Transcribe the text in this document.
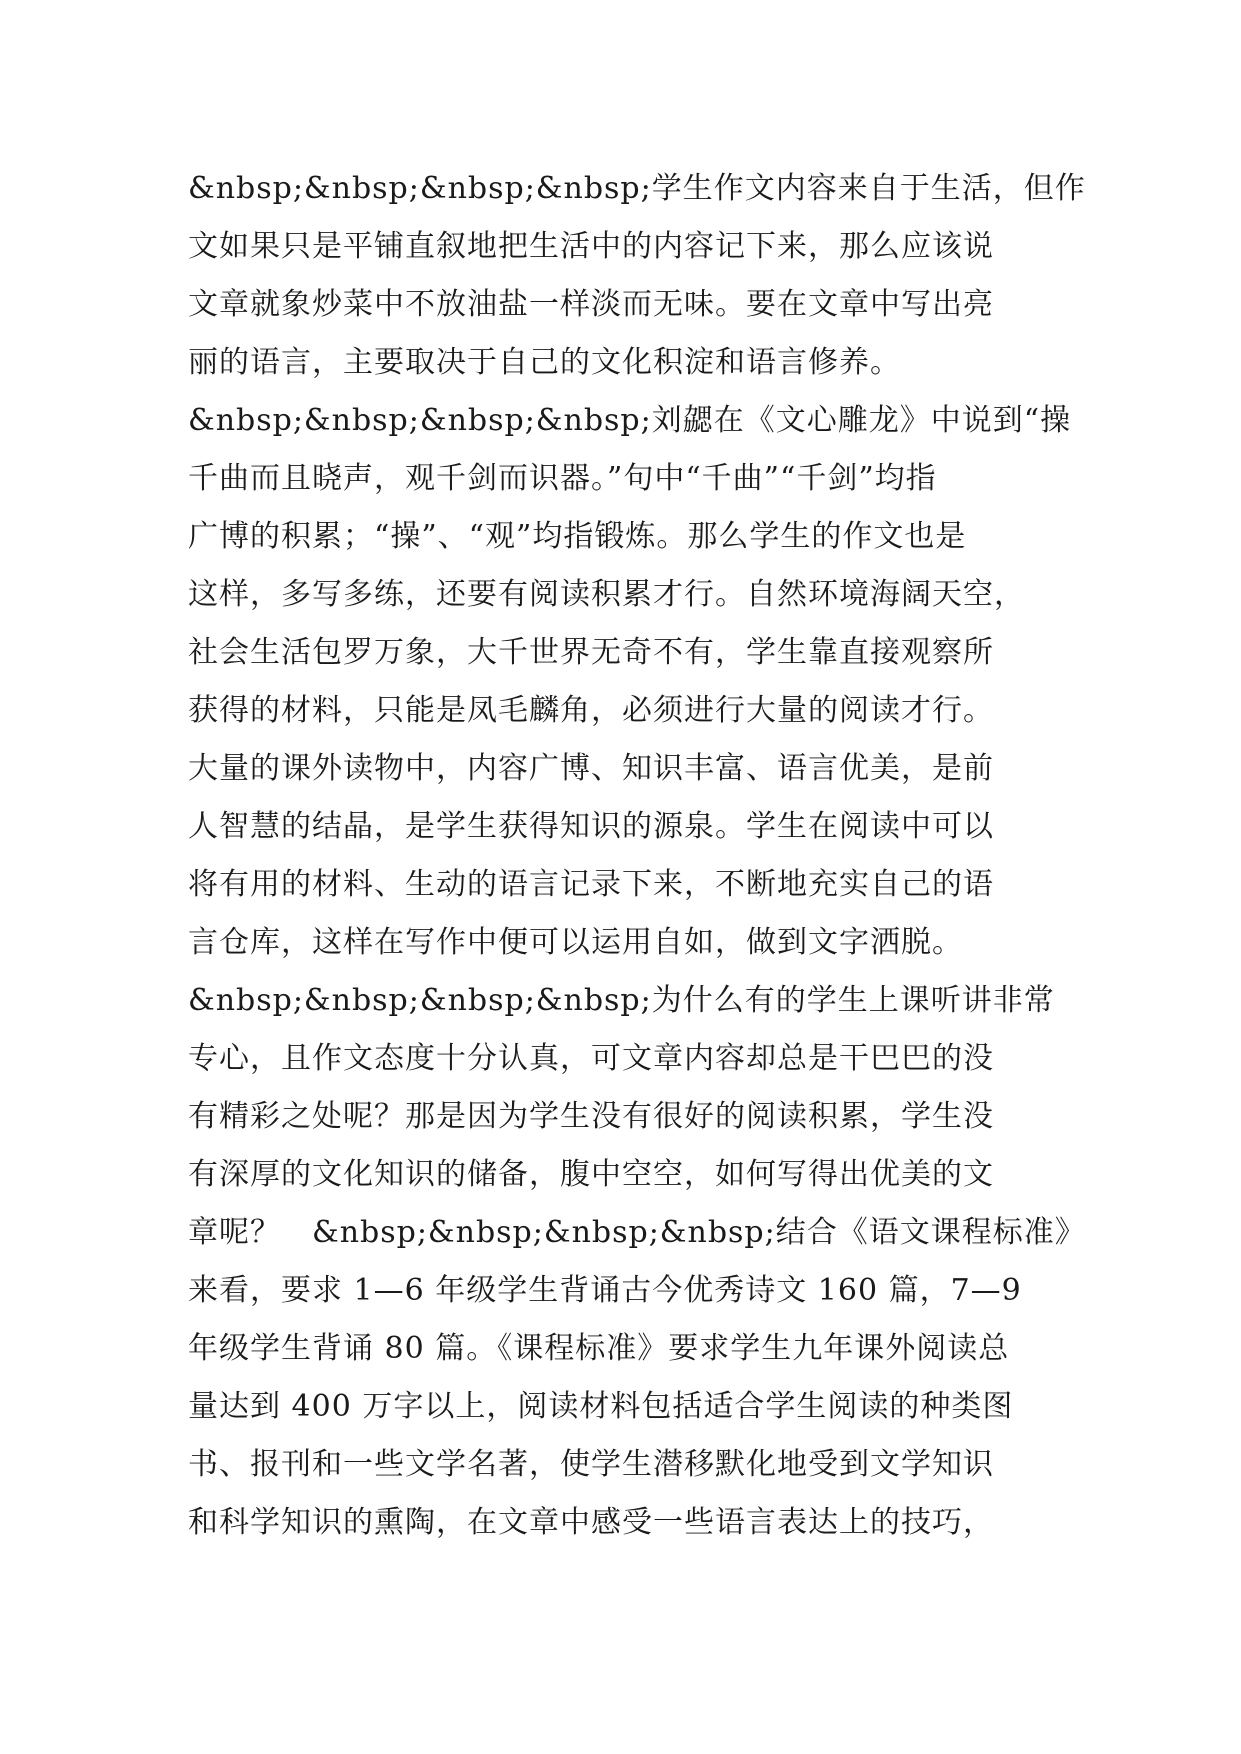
&nbsp;&nbsp;&nbsp;&nbsp;学生作文内容来自于生活，但作
文如果只是平铺直叙地把生活中的内容记下来，那么应该说
文章就象炒菜中不放油盐一样淡而无味。要在文章中写出亮
丽的语言，主要取决于自己的文化积淀和语言修养。
&nbsp;&nbsp;&nbsp;&nbsp;刘勰在《文心雕龙》中说到“操
千曲而且晓声，观千剑而识器。”句中“千曲”“千剑”均指
广博的积累；“操”、“观”均指锻炼。那么学生的作文也是
这样，多写多练，还要有阅读积累才行。自然环境海阔天空，
社会生活包罗万象，大千世界无奇不有，学生靠直接观察所
获得的材料，只能是凤毛麟角，必须进行大量的阅读才行。
大量的课外读物中，内容广博、知识丰富、语言优美，是前
人智慧的结晶，是学生获得知识的源泉。学生在阅读中可以
将有用的材料、生动的语言记录下来，不断地充实自己的语
言仓库，这样在写作中便可以运用自如，做到文字洒脱。
&nbsp;&nbsp;&nbsp;&nbsp;为什么有的学生上课听讲非常
专心，且作文态度十分认真，可文章内容却总是干巴巴的没
有精彩之处呢？那是因为学生没有很好的阅读积累，学生没
有深厚的文化知识的储备，腹中空空，如何写得出优美的文
章呢？　&nbsp;&nbsp;&nbsp;&nbsp;结合《语文课程标准》
来看，要求 1—6 年级学生背诵古今优秀诗文 160 篇，7—9
年级学生背诵 80 篇。《课程标准》要求学生九年课外阅读总
量达到 400 万字以上，阅读材料包括适合学生阅读的种类图
书、报刊和一些文学名著，使学生潜移默化地受到文学知识
和科学知识的熏陶，在文章中感受一些语言表达上的技巧，
